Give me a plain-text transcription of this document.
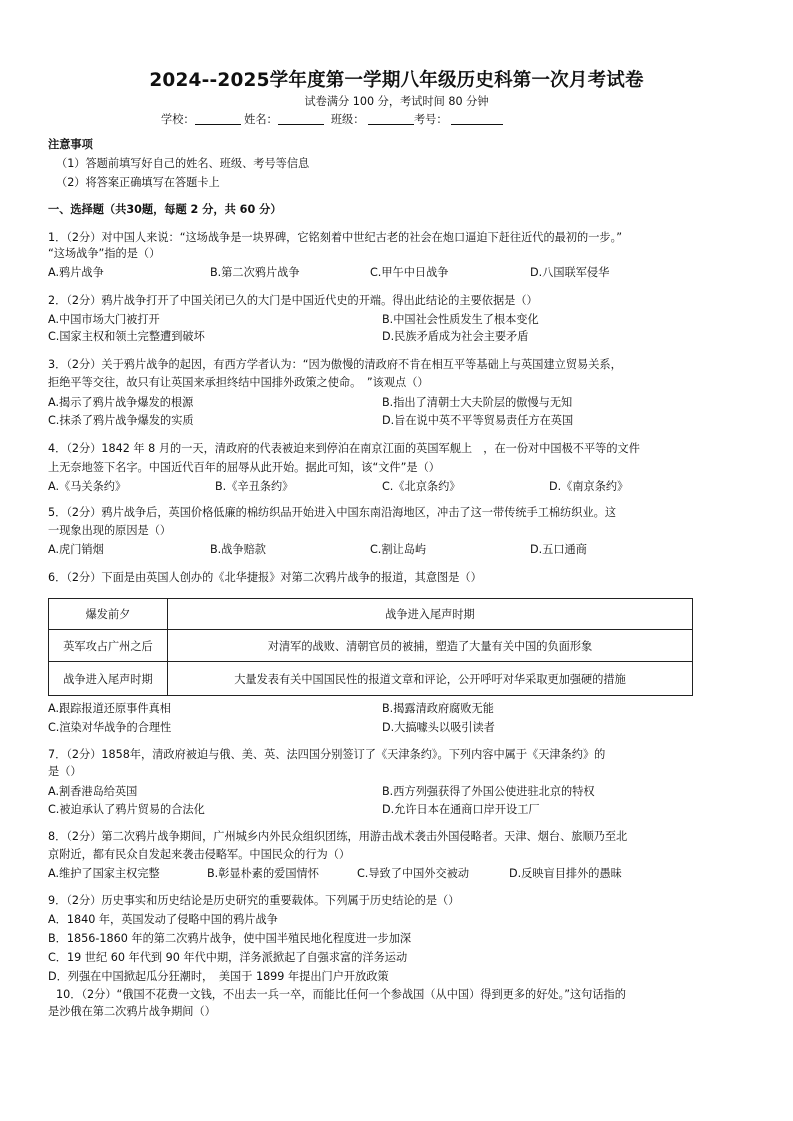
2024--2025学年度第一学期八年级历史科第一次月考试卷
试卷满分 100 分，考试时间 80 分钟
学校：	姓名：	班级：	考号：
注意事项
（1）答题前填写好自己的姓名、班级、考号等信息
（2）将答案正确填写在答题卡上
一、选择题（共30题，每题 2 分，共 60 分）
1．（2分）对中国人来说：“这场战争是一块界碑，它铭刻着中世纪古老的社会在炮口逼迫下赶往近代的最初的一步。”
“这场战争”指的是（）
A.鸦片战争	B.第二次鸦片战争	C.甲午中日战争	D.八国联军侵华
2．（2分）鸦片战争打开了中国关闭已久的大门是中国近代史的开端。得出此结论的主要依据是（）
A.中国市场大门被打开	B.中国社会性质发生了根本变化
C.国家主权和领土完整遭到破坏	D.民族矛盾成为社会主要矛盾
3．（2分）关于鸦片战争的起因，有西方学者认为：“因为傲慢的清政府不肯在相互平等基础上与英国建立贸易关系，
拒绝平等交往，故只有让英国来承担终结中国排外政策之使命。　”该观点（）
A.揭示了鸦片战争爆发的根源	B.指出了清朝士大夫阶层的傲慢与无知
C.抹杀了鸦片战争爆发的实质	D.旨在说中英不平等贸易责任方在英国
4．（2分）1842 年 8 月的一天，清政府的代表被迫来到停泊在南京江面的英国军舰上　，在一份对中国极不平等的文件
上无奈地签下名字。中国近代百年的屈辱从此开始。据此可知，该“文件”是（）
A.《马关条约》	B.《辛丑条约》	C.《北京条约》	D.《南京条约》
5．（2分）鸦片战争后，英国价格低廉的棉纺织品开始进入中国东南沿海地区，冲击了这一带传统手工棉纺织业。这
一现象出现的原因是（）
A.虎门销烟	B.战争赔款	C.割让岛屿	D.五口通商
6．（2分）下面是由英国人创办的《北华捷报》对第二次鸦片战争的报道，其意图是（）
爆发前夕	战争进入尾声时期
英军攻占广州之后	对清军的战败、清朝官员的被捕，塑造了大量有关中国的负面形象
战争进入尾声时期	大量发表有关中国国民性的报道文章和评论，公开呼吁对华采取更加强硬的措施
A.跟踪报道还原事件真相	B.揭露清政府腐败无能
C.渲染对华战争的合理性	D.大搞噱头以吸引读者
7．（2分）1858年，清政府被迫与俄、美、英、法四国分别签订了《天津条约》。下列内容中属于《天津条约》的
是（）
A.割香港岛给英国	B.西方列强获得了外国公使进驻北京的特权
C.被迫承认了鸦片贸易的合法化	D.允许日本在通商口岸开设工厂
8．（2分）第二次鸦片战争期间，广州城乡内外民众组织团练，用游击战术袭击外国侵略者。天津、烟台、旅顺乃至北
京附近，都有民众自发起来袭击侵略军。中国民众的行为（）
A.维护了国家主权完整	B.彰显朴素的爱国情怀	C.导致了中国外交被动	D.反映盲目排外的愚昧
9．（2分）历史事实和历史结论是历史研究的重要载体。下列属于历史结论的是（）
A．1840 年，英国发动了侵略中国的鸦片战争
B．1856-1860 年的第二次鸦片战争，使中国半殖民地化程度进一步加深
C．19 世纪 60 年代到 90 年代中期，洋务派掀起了自强求富的洋务运动
D．列强在中国掀起瓜分狂潮时，　美国于 1899 年提出门户开放政策
10．（2分）“俄国不花费一文钱，不出去一兵一卒，而能比任何一个参战国（从中国）得到更多的好处。”这句话指的
是沙俄在第二次鸦片战争期间（）
